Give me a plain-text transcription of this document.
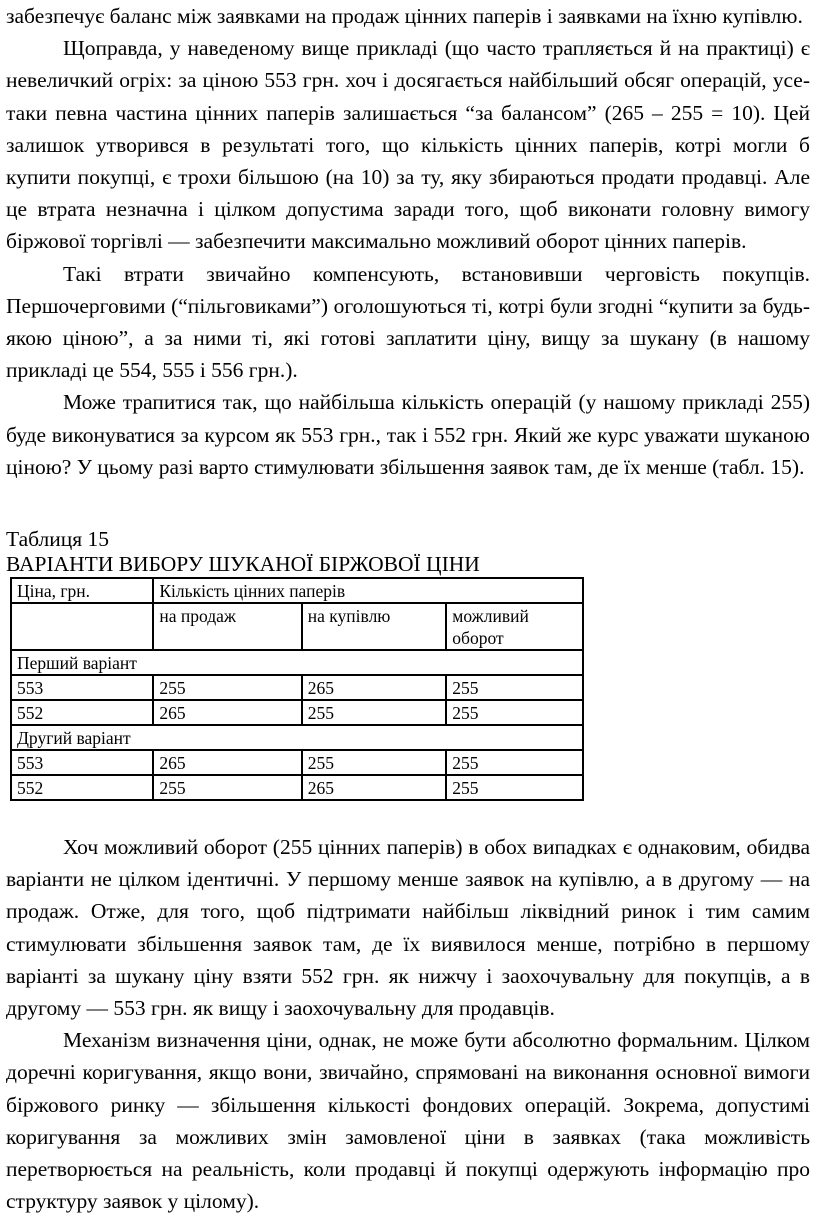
забезпечує баланс між заявками на продаж цінних паперів і заявками на їхню купівлю.

Щоправда, у наведеному вище прикладі (що часто трапляється й на практиці) є невеличкий огріх: за ціною 553 грн. хоч і досягається найбільший обсяг операцій, усе-таки певна частина цінних паперів залишається “за балансом” (265 – 255 = 10). Цей залишок утворився в результаті того, що кількість цінних паперів, котрі могли б купити покупці, є трохи більшою (на 10) за ту, яку збираються продати продавці. Але це втрата незначна і цілком допустима заради того, щоб виконати головну вимогу біржової торгівлі — забезпечити максимально можливий оборот цінних паперів.

Такі втрати звичайно компенсують, встановивши черговість покупців. Першочерговими (“пільговиками”) оголошуються ті, котрі були згодні “купити за будь-якою ціною”, а за ними ті, які готові заплатити ціну, вищу за шукану (в нашому прикладі це 554, 555 і 556 грн.).

Може трапитися так, що найбільша кількість операцій (у нашому прикладі 255) буде виконуватися за курсом як 553 грн., так і 552 грн. Який же курс уважати шуканою ціною? У цьому разі варто стимулювати збільшення заявок там, де їх менше (табл. 15).

Таблиця 15

ВАРІАНТИ ВИБОРУ ШУКАНОЇ БІРЖОВОЇ ЦІНИ

Ціна, грн.	Кількість цінних паперів		
	на продаж	на купівлю	можливий оборот
Перший варіант			
553	255	265	255
552	265	255	255
Другий варіант			
553	265	255	255
552	255	265	255

Хоч можливий оборот (255 цінних паперів) в обох випадках є однаковим, обидва варіанти не цілком ідентичні. У першому менше заявок на купівлю, а в другому — на продаж. Отже, для того, щоб підтримати найбільш ліквідний ринок і тим самим стимулювати збільшення заявок там, де їх виявилося менше, потрібно в першому варіанті за шукану ціну взяти 552 грн. як нижчу і заохочувальну для покупців, а в другому — 553 грн. як вищу і заохочувальну для продавців.

Механізм визначення ціни, однак, не може бути абсолютно формальним. Цілком доречні коригування, якщо вони, звичайно, спрямовані на виконання основної вимоги біржового ринку — збільшення кількості фондових операцій. Зокрема, допустимі коригування за можливих змін замовленої ціни в заявках (така можливість перетворюється на реальність, коли продавці й покупці одержують інформацію про структуру заявок у цілому).
